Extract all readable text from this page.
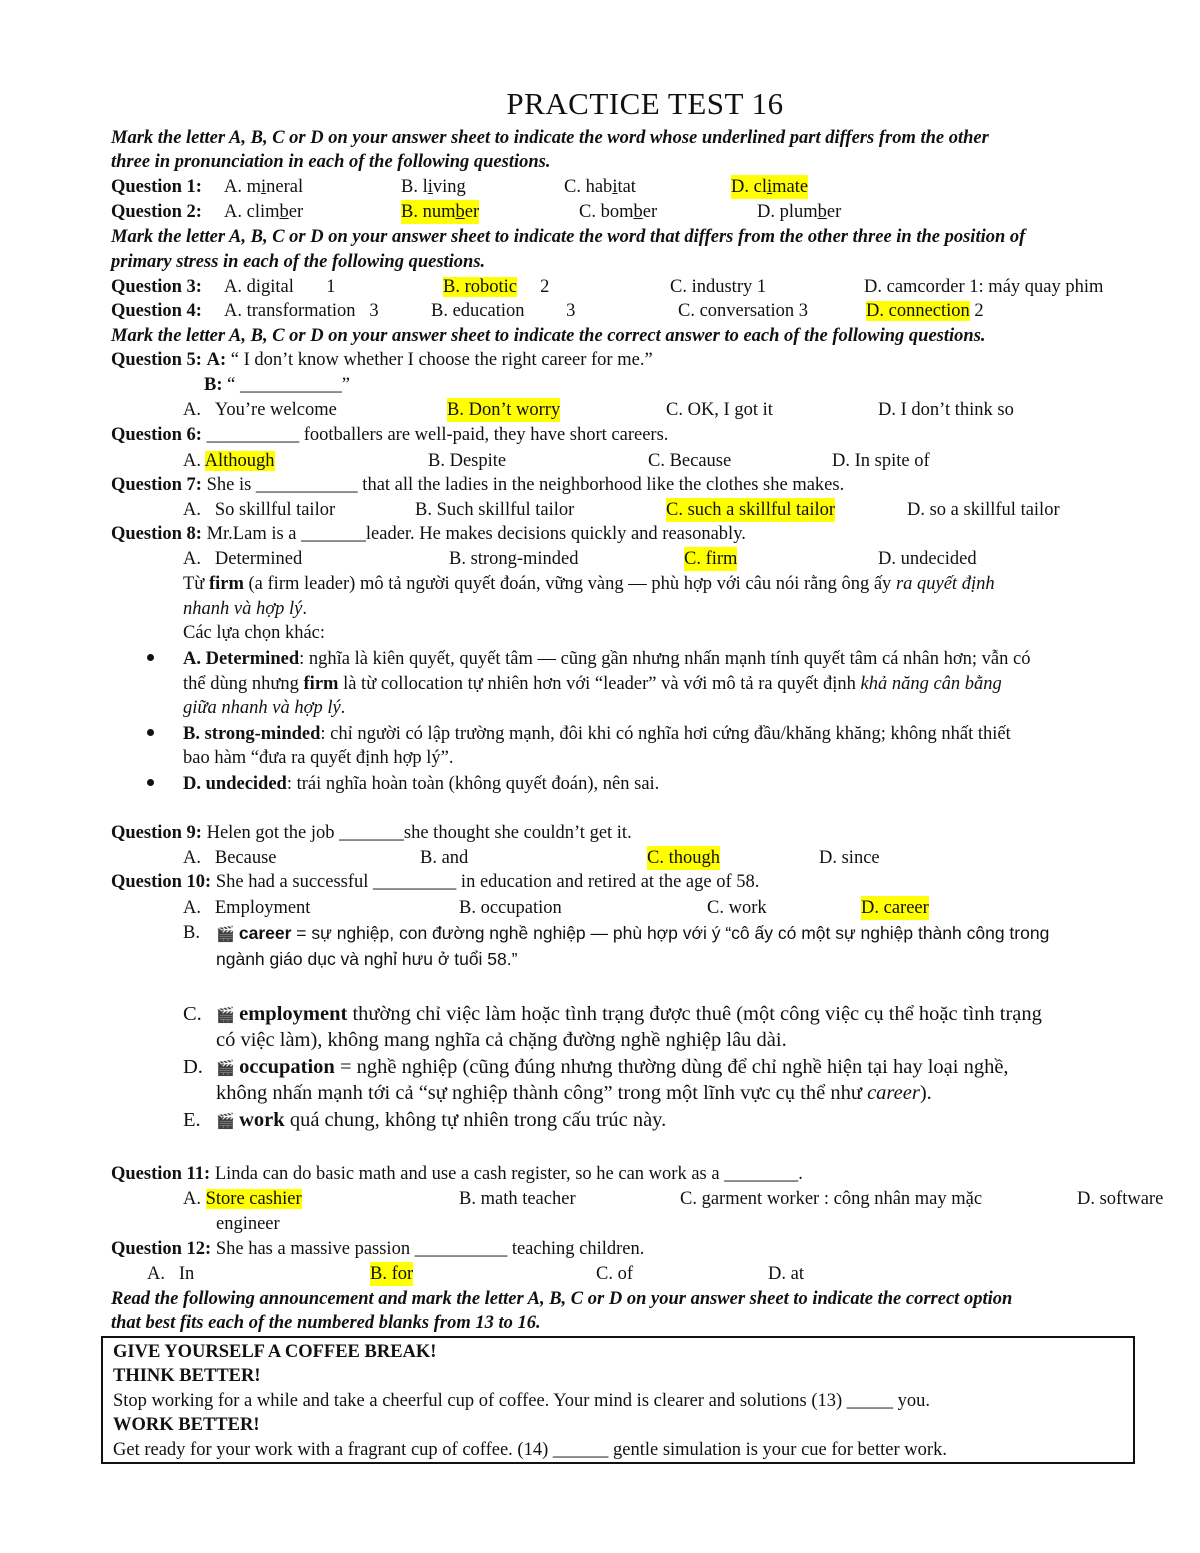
PRACTICE TEST 16
Mark the letter A, B, C or D on your answer sheet to indicate the word whose underlined part differs from the other
three in pronunciation in each of the following questions.
Question 1: A. mineral	B. living	C. habitat	D. climate
Question 2: A. climber	B. number	C. bomber	D. plumber
Mark the letter A, B, C or D on your answer sheet to indicate the word that differs from the other three in the position of
primary stress in each of the following questions.
Question 3: A. digital 1	B. robotic 2	C. industry 1	D. camcorder 1: máy quay phim
Question 4: A. transformation 3	B. education 3	C. conversation 3	D. connection 2
Mark the letter A, B, C or D on your answer sheet to indicate the correct answer to each of the following questions.
Question 5: A: “ I don’t know whether I choose the right career for me.”
B: “ ___________”
A. You’re welcome	B. Don’t worry	C. OK, I got it	D. I don’t think so
Question 6: __________ footballers are well-paid, they have short careers.
A. Although	B. Despite	C. Because	D. In spite of
Question 7: She is ___________ that all the ladies in the neighborhood like the clothes she makes.
A. So skillful tailor	B. Such skillful tailor	C. such a skillful tailor	D. so a skillful tailor
Question 8: Mr.Lam is a _______leader. He makes decisions quickly and reasonably.
A. Determined	B. strong-minded	C. firm	D. undecided
Từ firm (a firm leader) mô tả người quyết đoán, vững vàng — phù hợp với câu nói rằng ông ấy ra quyết định
nhanh và hợp lý.
Các lựa chọn khác:
A. Determined: nghĩa là kiên quyết, quyết tâm — cũng gần nhưng nhấn mạnh tính quyết tâm cá nhân hơn; vẫn có
thể dùng nhưng firm là từ collocation tự nhiên hơn với “leader” và với mô tả ra quyết định khả năng cân bằng
giữa nhanh và hợp lý.
B. strong-minded: chỉ người có lập trường mạnh, đôi khi có nghĩa hơi cứng đầu/khăng khăng; không nhất thiết
bao hàm “đưa ra quyết định hợp lý”.
D. undecided: trái nghĩa hoàn toàn (không quyết đoán), nên sai.
Question 9: Helen got the job _______she thought she couldn’t get it.
A. Because	B. and	C. though	D. since
Question 10: She had a successful _________ in education and retired at the age of 58.
A. Employment	B. occupation	C. work	D. career
B. 🎬 career = sự nghiệp, con đường nghề nghiệp — phù hợp với ý “cô ấy có một sự nghiệp thành công trong
ngành giáo dục và nghỉ hưu ở tuổi 58.”
C. 🎬 employment thường chỉ việc làm hoặc tình trạng được thuê (một công việc cụ thể hoặc tình trạng
có việc làm), không mang nghĩa cả chặng đường nghề nghiệp lâu dài.
D. 🎬 occupation = nghề nghiệp (cũng đúng nhưng thường dùng để chỉ nghề hiện tại hay loại nghề,
không nhấn mạnh tới cả “sự nghiệp thành công” trong một lĩnh vực cụ thể như career).
E. 🎬 work quá chung, không tự nhiên trong cấu trúc này.
Question 11: Linda can do basic math and use a cash register, so he can work as a ________.
A. Store cashier	B. math teacher	C. garment worker : công nhân may mặc	D. software
engineer
Question 12: She has a massive passion __________ teaching children.
A. In	B. for	C. of	D. at
Read the following announcement and mark the letter A, B, C or D on your answer sheet to indicate the correct option
that best fits each of the numbered blanks from 13 to 16.
GIVE YOURSELF A COFFEE BREAK!
THINK BETTER!
Stop working for a while and take a cheerful cup of coffee. Your mind is clearer and solutions (13) _____ you.
WORK BETTER!
Get ready for your work with a fragrant cup of coffee. (14) ______ gentle simulation is your cue for better work.
